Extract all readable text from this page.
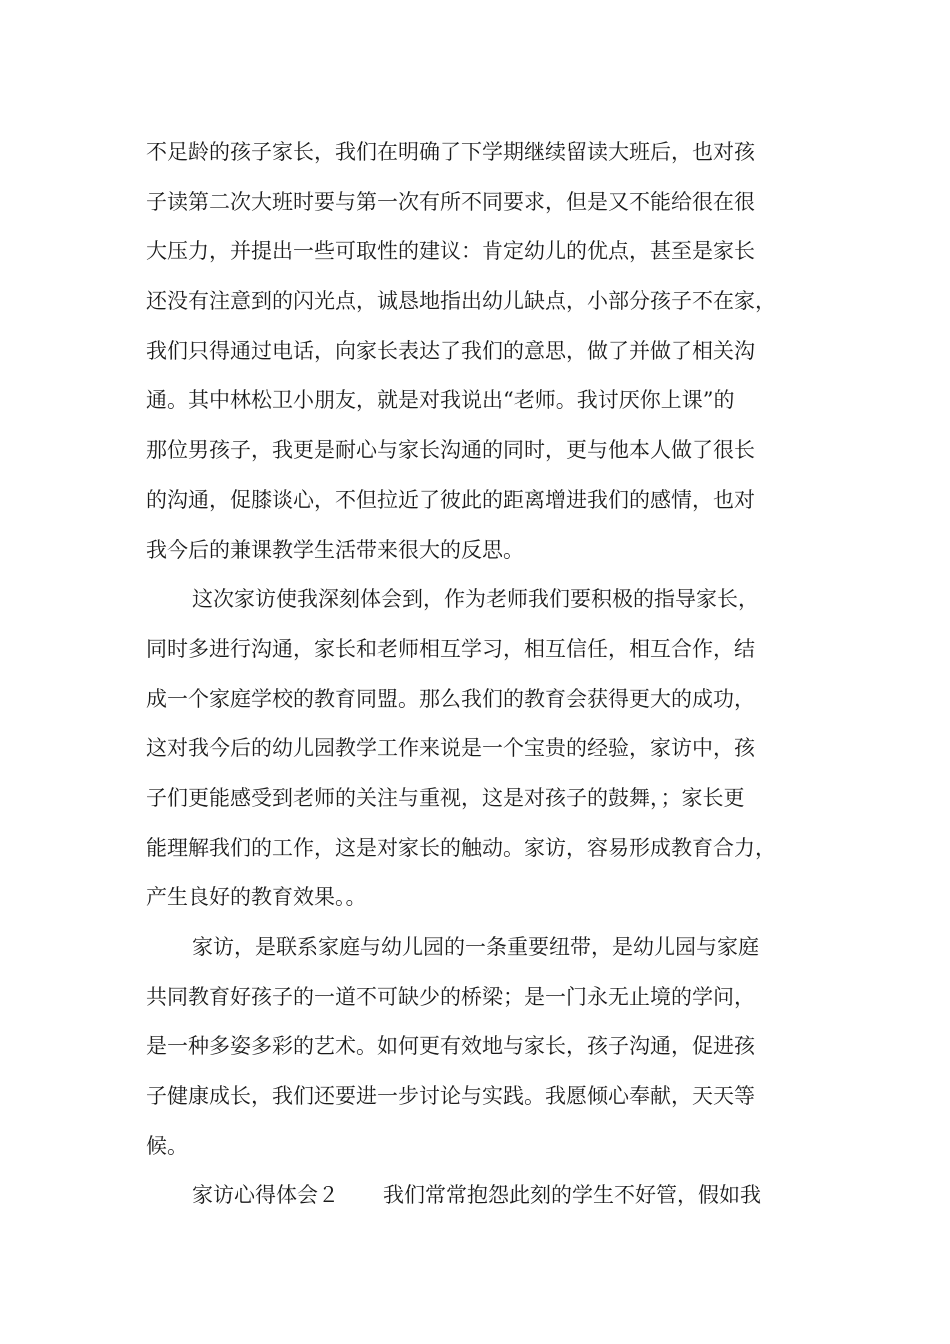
不足龄的孩子家长，我们在明确了下学期继续留读大班后，也对孩
子读第二次大班时要与第一次有所不同要求，但是又不能给很在很
大压力，并提出一些可取性的建议：肯定幼儿的优点，甚至是家长
还没有注意到的闪光点，诚恳地指出幼儿缺点，小部分孩子不在家，
我们只得通过电话，向家长表达了我们的意思，做了并做了相关沟
通。其中林松卫小朋友，就是对我说出“老师。我讨厌你上课”的
那位男孩子，我更是耐心与家长沟通的同时，更与他本人做了很长
的沟通，促膝谈心，不但拉近了彼此的距离增进我们的感情，也对
我今后的兼课教学生活带来很大的反思。
这次家访使我深刻体会到，作为老师我们要积极的指导家长，
同时多进行沟通，家长和老师相互学习，相互信任，相互合作，结
成一个家庭学校的教育同盟。那么我们的教育会获得更大的成功，
这对我今后的幼儿园教学工作来说是一个宝贵的经验，家访中，孩
子们更能感受到老师的关注与重视，这是对孩子的鼓舞，；家长更
能理解我们的工作，这是对家长的触动。家访，容易形成教育合力，
产生良好的教育效果。。
家访，是联系家庭与幼儿园的一条重要纽带，是幼儿园与家庭
共同教育好孩子的一道不可缺少的桥梁；是一门永无止境的学问，
是一种多姿多彩的艺术。如何更有效地与家长，孩子沟通，促进孩
子健康成长，我们还要进一步讨论与实践。我愿倾心奉献，天天等
候。
家访心得体会２ 我们常常抱怨此刻的学生不好管，假如我
